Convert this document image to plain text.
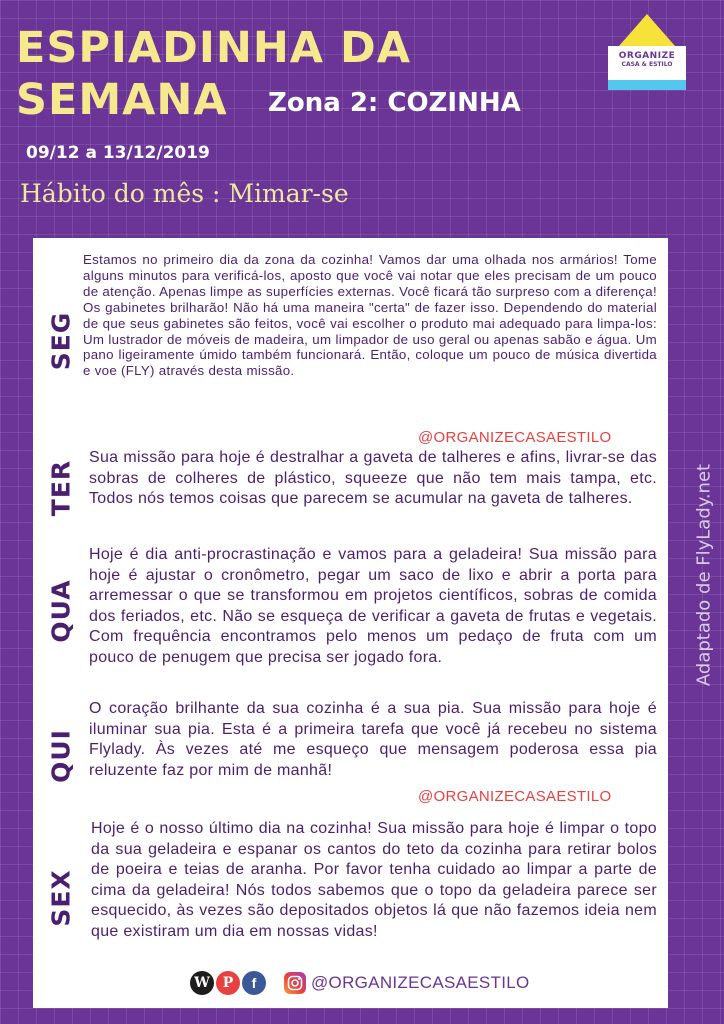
ESPIADINHA DA
SEMANA	Zona 2: COZINHA
09/12 a 13/12/2019
Hábito do mês : Mimar-se
ORGANIZE
CASA & ESTILO
Adaptado de FlyLady.net
SEG

Estamos no primeiro dia da zona da cozinha! Vamos dar uma olhada nos armários! Tome alguns minutos para verificá-los, aposto que você vai notar que eles precisam de um pouco de atenção. Apenas limpe as superfícies externas. Você ficará tão surpreso com a diferença! Os gabinetes brilharão! Não há uma maneira "certa" de fazer isso. Dependendo do material de que seus gabinetes são feitos, você vai escolher o produto mai adequado para limpa-los: Um lustrador de móveis de madeira, um limpador de uso geral ou apenas sabão e água. Um pano ligeiramente úmido também funcionará. Então, coloque um pouco de música divertida e voe (FLY) através desta missão.

@ORGANIZECASAESTILO
TER

Sua missão para hoje é destralhar a gaveta de talheres e afins, livrar-se das sobras de colheres de plástico, squeeze que não tem mais tampa, etc. Todos nós temos coisas que parecem se acumular na gaveta de talheres.

QUA

Hoje é dia anti-procrastinação e vamos para a geladeira! Sua missão para hoje é ajustar o cronômetro, pegar um saco de lixo e abrir a porta para arremessar o que se transformou em projetos científicos, sobras de comida dos feriados, etc. Não se esqueça de verificar a gaveta de frutas e vegetais. Com frequência encontramos pelo menos um pedaço de fruta com um pouco de penugem que precisa ser jogado fora.

QUI

O coração brilhante da sua cozinha é a sua pia. Sua missão para hoje é iluminar sua pia. Esta é a primeira tarefa que você já recebeu no sistema Flylady. Às vezes até me esqueço que mensagem poderosa essa pia reluzente faz por mim de manhã!

@ORGANIZECASAESTILO
SEX

Hoje é o nosso último dia na cozinha! Sua missão para hoje é limpar o topo da sua geladeira e espanar os cantos do teto da cozinha para retirar bolos de poeira e teias de aranha. Por favor tenha cuidado ao limpar a parte de cima da geladeira! Nós todos sabemos que o topo da geladeira parece ser esquecido, às vezes são depositados objetos lá que não fazemos ideia nem que existiram um dia em nossas vidas!

W P	f	@ORGANIZECASAESTILO
